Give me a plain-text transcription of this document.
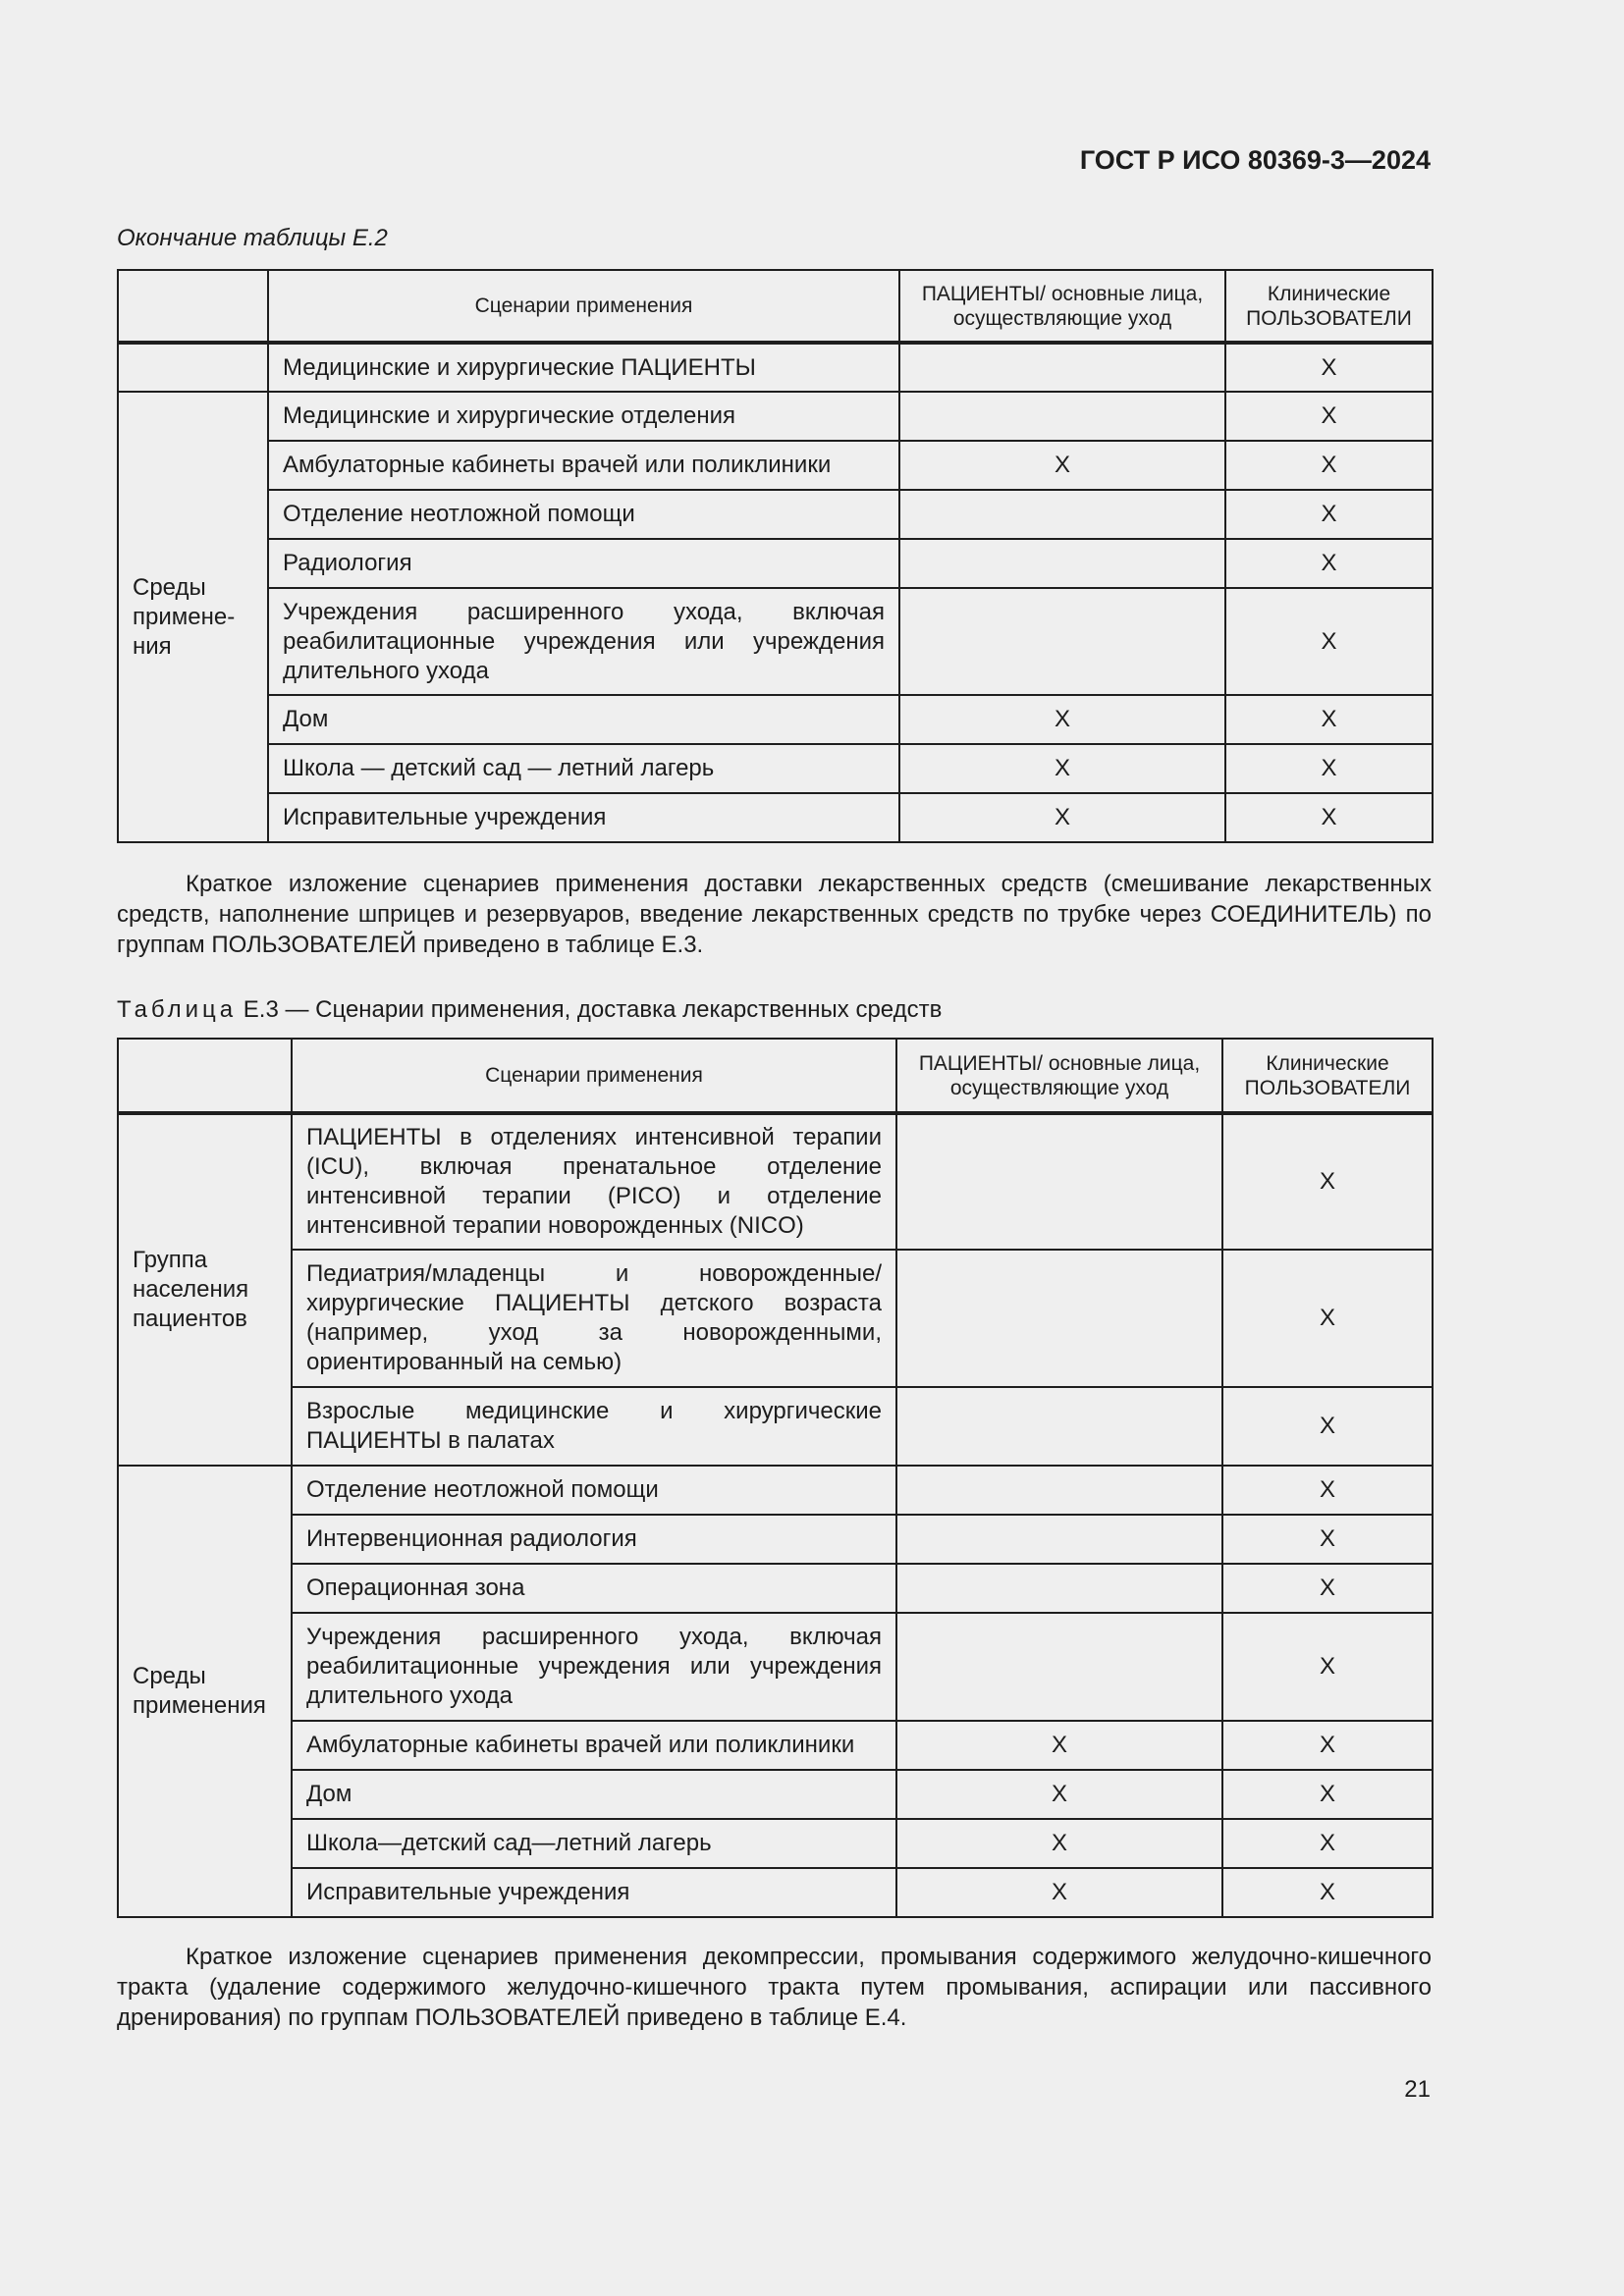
ГОСТ Р ИСО 80369-3—2024
Окончание таблицы Е.2
	Сценарии применения	ПАЦИЕНТЫ/ основные лица, осуществляющие уход	Клинические ПОЛЬЗОВАТЕЛИ
	Медицинские и хирургические ПАЦИЕНТЫ		X
Среды
примене-
ния	Медицинские и хирургические отделения		X
	Амбулаторные кабинеты врачей или поликлиники	X	X
	Отделение неотложной помощи		X
	Радиология		X
	Учреждения расширенного ухода, включая реабилитационные учреждения или учреждения длительного ухода		X
	Дом	X	X
	Школа — детский сад — летний лагерь	X	X
	Исправительные учреждения	X	X
Краткое изложение сценариев применения доставки лекарственных средств (смешивание лекарственных средств, наполнение шприцев и резервуаров, введение лекарственных средств по трубке через СОЕДИНИТЕЛЬ) по группам ПОЛЬЗОВАТЕЛЕЙ приведено в таблице Е.3.
Таблица Е.3 — Сценарии применения, доставка лекарственных средств
	Сценарии применения	ПАЦИЕНТЫ/ основные лица, осуществляющие уход	Клинические ПОЛЬЗОВАТЕЛИ
Группа населения пациентов	ПАЦИЕНТЫ в отделениях интенсивной терапии (ICU), включая пренатальное отделение интенсивной терапии (PICO) и отделение интенсивной терапии новорожденных (NICO)		X
	Педиатрия/младенцы и новорожденные/ хирургические ПАЦИЕНТЫ детского возраста (например, уход за новорожденными, ориентированный на семью)		X
	Взрослые медицинские и хирургические ПАЦИЕНТЫ в палатах		X
Среды применения	Отделение неотложной помощи		X
	Интервенционная радиология		X
	Операционная зона		X
	Учреждения расширенного ухода, включая реабилитационные учреждения или учреждения длительного ухода		X
	Амбулаторные кабинеты врачей или поликлиники	X	X
	Дом	X	X
	Школа—детский сад—летний лагерь	X	X
	Исправительные учреждения	X	X
Краткое изложение сценариев применения декомпрессии, промывания содержимого желудочно-кишечного тракта (удаление содержимого желудочно-кишечного тракта путем промывания, аспирации или пассивного дренирования) по группам ПОЛЬЗОВАТЕЛЕЙ приведено в таблице Е.4.
21
